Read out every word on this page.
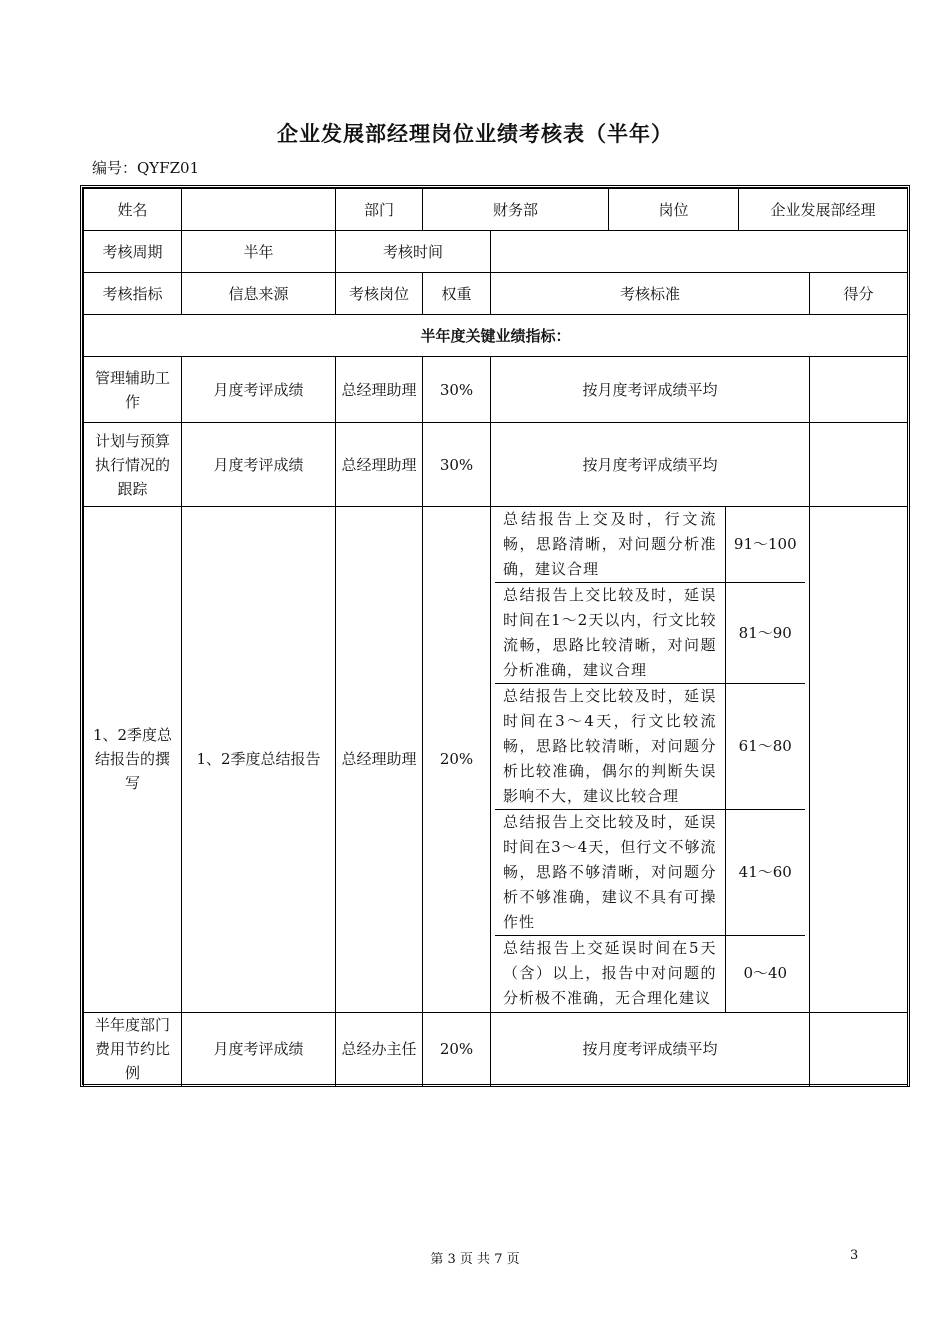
企业发展部经理岗位业绩考核表（半年）
编号：QYFZ01
姓名		部门	财务部	岗位	企业发展部经理
考核周期	半年	考核时间	
考核指标	信息来源	考核岗位	权重	考核标准	得分
半年度关键业绩指标：
管理辅助工作	月度考评成绩	总经理助理	30%	按月度考评成绩平均	
计划与预算执行情况的跟踪	月度考评成绩	总经理助理	30%	按月度考评成绩平均	
1、2季度总结报告的撰写	1、2季度总结报告	总经理助理	20%	
总结报告上交及时，行文流畅，思路清晰，对问题分析准确，建议合理	91～100
总结报告上交比较及时，延误时间在1～2天以内，行文比较流畅，思路比较清晰，对问题分析准确，建议合理	81～90
总结报告上交比较及时，延误时间在3～4天，行文比较流畅，思路比较清晰，对问题分析比较准确，偶尔的判断失误影响不大，建议比较合理	61～80
总结报告上交比较及时，延误时间在3～4天，但行文不够流畅，思路不够清晰，对问题分析不够准确，建议不具有可操作性	41～60
总结报告上交延误时间在5天（含）以上，报告中对问题的分析极不准确，无合理化建议	0～40

半年度部门费用节约比例	月度考评成绩	总经办主任	20%	按月度考评成绩平均	
第 3 页 共 7 页	3
